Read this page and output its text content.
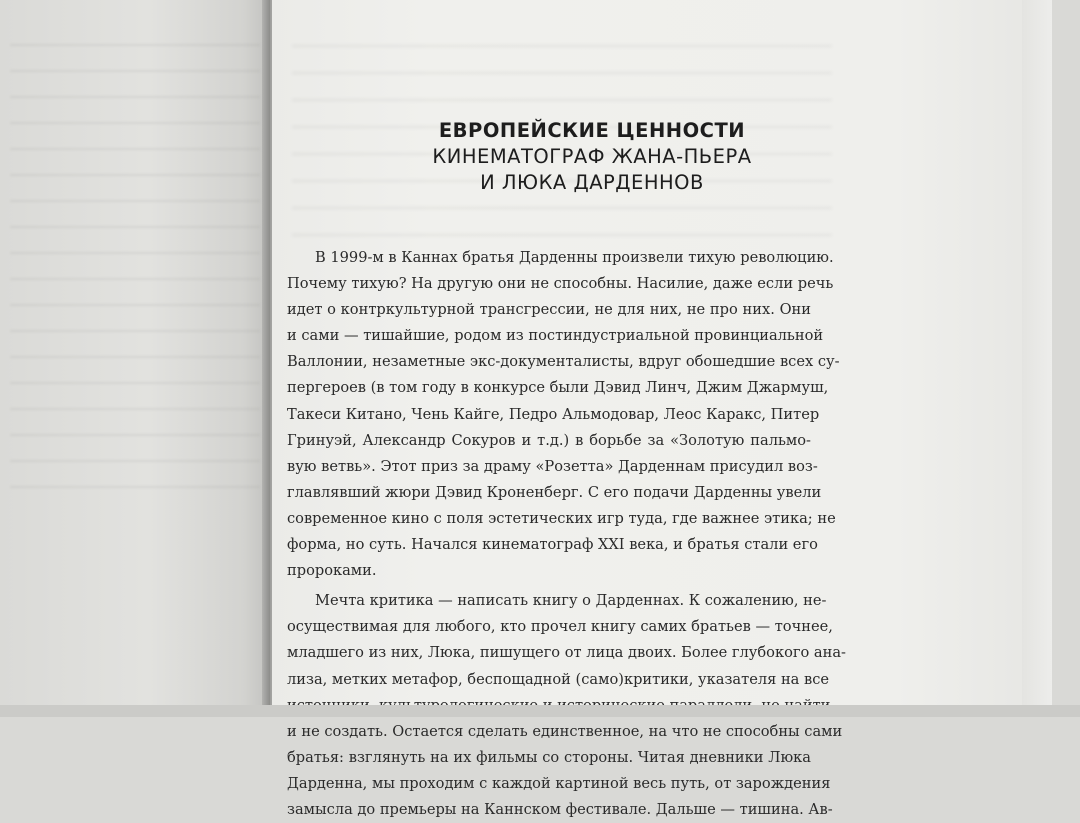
ЕВРОПЕЙСКИЕ ЦЕННОСТИ
КИНЕМАТОГРАФ ЖАНА-ПЬЕРА
И ЛЮКА ДАРДЕННОВ
В 1999-м в Каннах братья Дарденны произвели тихую революцию.
Почему тихую? На другую они не способны. Насилие, даже если речь
идет о контркультурной трансгрессии, не для них, не про них. Они
и сами — тишайшие, родом из постиндустриальной провинциальной
Валлонии, незаметные экс-документалисты, вдруг обошедшие всех су-
пергероев (в том году в конкурсе были Дэвид Линч, Джим Джармуш,
Такеси Китано, Чень Кайге, Педро Альмодовар, Леос Каракс, Питер
Гринуэй, Александр Сокуров и т.д.) в борьбе за «Золотую пальмо-
вую ветвь». Этот приз за драму «Розетта» Дарденнам присудил воз-
главлявший жюри Дэвид Кроненберг. С его подачи Дарденны увели
современное кино с поля эстетических игр туда, где важнее этика; не
форма, но суть. Начался кинематограф XXI века, и братья стали его
пророками.
Мечта критика — написать книгу о Дарденнах. К сожалению, не-
осуществимая для любого, кто прочел книгу самих братьев — точнее,
младшего из них, Люка, пишущего от лица двоих. Более глубокого ана-
лиза, метких метафор, беспощадной (само)критики, указателя на все
и не создать. Остается сделать единственное, на что не способны сами
братья: взглянуть на их фильмы со стороны. Читая дневники Люка
Дарденна, мы проходим с каждой картиной весь путь, от зарождения
замысла до премьеры на Каннском фестивале. Дальше — тишина. Ав-
